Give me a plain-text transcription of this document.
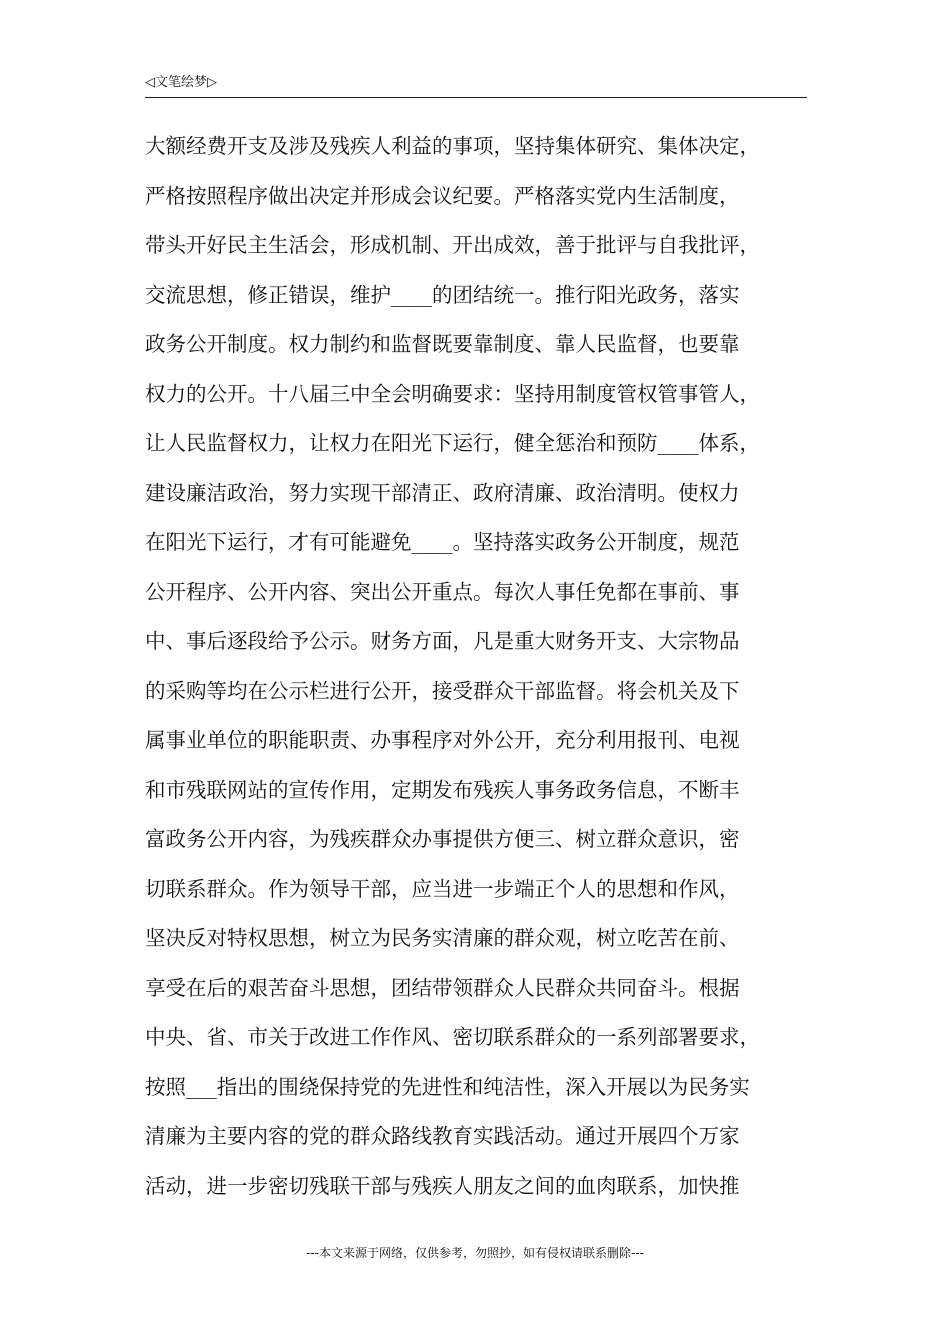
◁文笔绘梦▷
大额经费开支及涉及残疾人利益的事项，坚持集体研究、集体决定，
严格按照程序做出决定并形成会议纪要。严格落实党内生活制度，
带头开好民主生活会，形成机制、开出成效，善于批评与自我批评，
交流思想，修正错误，维护____的团结统一。推行阳光政务，落实
政务公开制度。权力制约和监督既要靠制度、靠人民监督，也要靠
权力的公开。十八届三中全会明确要求：坚持用制度管权管事管人，
让人民监督权力，让权力在阳光下运行，健全惩治和预防____体系，
建设廉洁政治，努力实现干部清正、政府清廉、政治清明。使权力
在阳光下运行，才有可能避免____。坚持落实政务公开制度，规范
公开程序、公开内容、突出公开重点。每次人事任免都在事前、事
中、事后逐段给予公示。财务方面，凡是重大财务开支、大宗物品
的采购等均在公示栏进行公开，接受群众干部监督。将会机关及下
属事业单位的职能职责、办事程序对外公开，充分利用报刊、电视
和市残联网站的宣传作用，定期发布残疾人事务政务信息，不断丰
富政务公开内容，为残疾群众办事提供方便三、树立群众意识，密
切联系群众。作为领导干部，应当进一步端正个人的思想和作风，
坚决反对特权思想，树立为民务实清廉的群众观，树立吃苦在前、
享受在后的艰苦奋斗思想，团结带领群众人民群众共同奋斗。根据
中央、省、市关于改进工作作风、密切联系群众的一系列部署要求，
按照___指出的围绕保持党的先进性和纯洁性，深入开展以为民务实
清廉为主要内容的党的群众路线教育实践活动。通过开展四个万家
活动，进一步密切残联干部与残疾人朋友之间的血肉联系，加快推
---本文来源于网络，仅供参考，勿照抄，如有侵权请联系删除---
